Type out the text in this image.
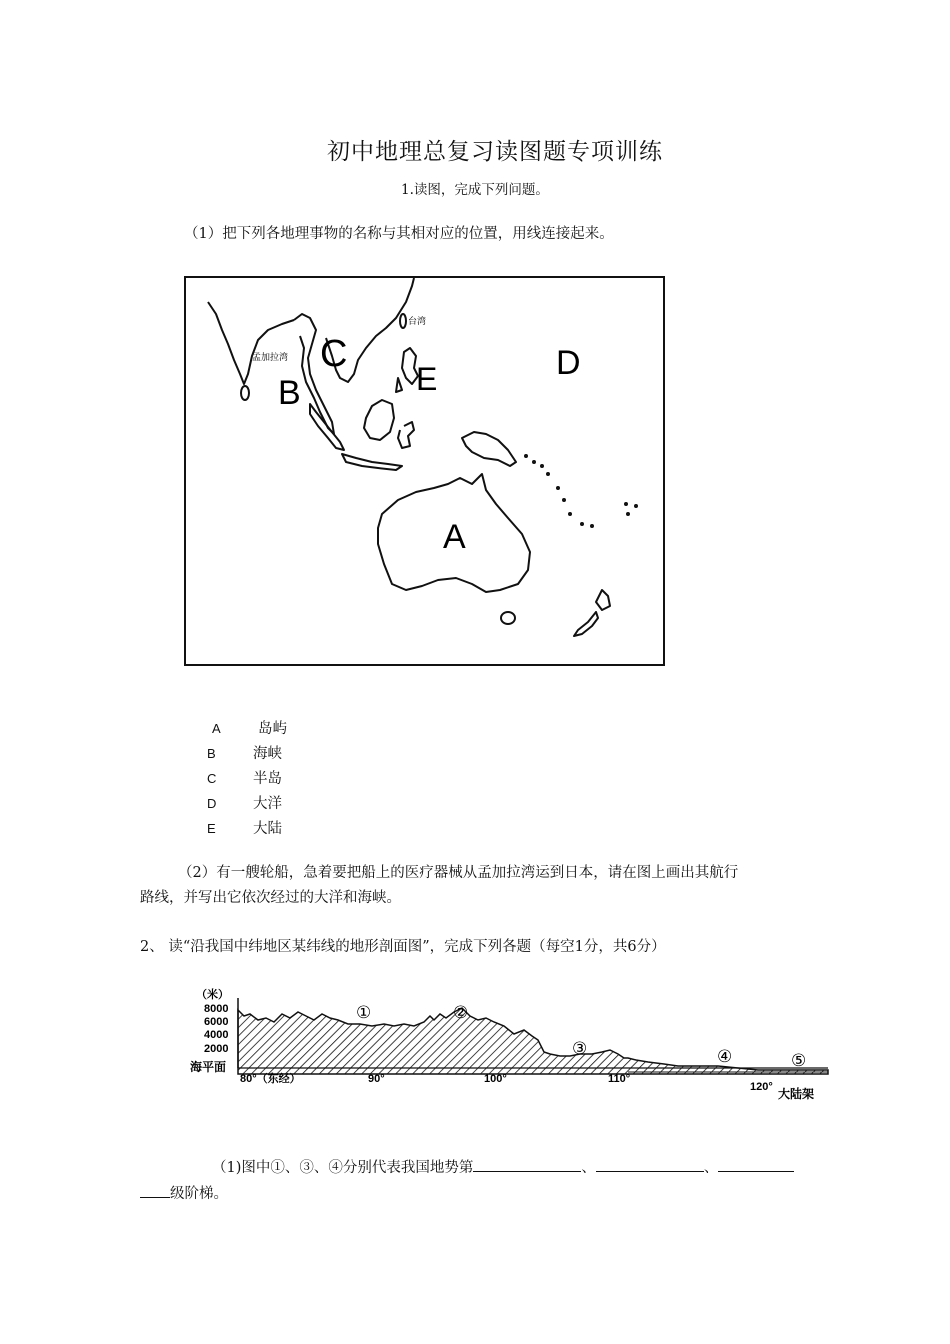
初中地理总复习读图题专项训练
1.读图，完成下列问题。
（1）把下列各地理事物的名称与其相对应的位置，用线连接起来。
孟加拉湾
台湾
A
B
C	D
E
A	岛屿
B	海峡
C	半岛
D	大洋
E	大陆
（2）有一艘轮船，急着要把船上的医疗器械从孟加拉湾运到日本，请在图上画出其航行
路线，并写出它依次经过的大洋和海峡。
2、 读“沿我国中纬地区某纬线的地形剖面图”，完成下列各题（每空1分，共6分）
（米）
8000
6000
4000
2000
海平面
①	②
③	④	⑤
80°（东经）	90°	100°	110°
120° 大陆架
（1)图中①、③、④分别代表我国地势第	、	、
级阶梯。
